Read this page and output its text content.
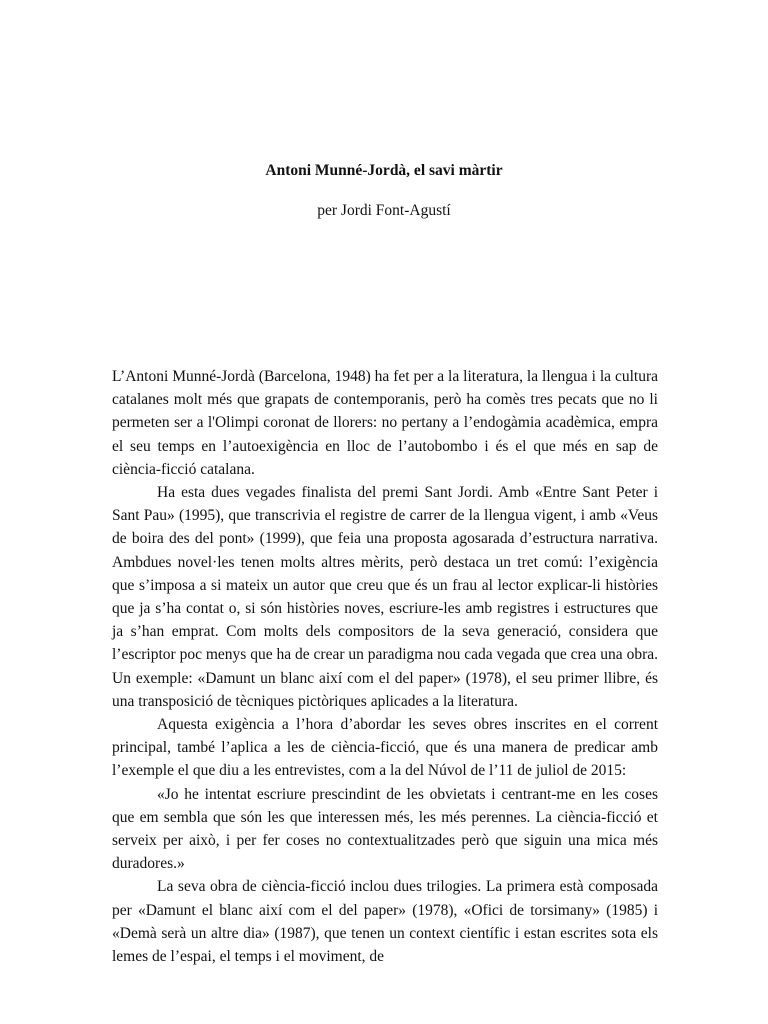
Antoni Munné-Jordà, el savi màrtir
per Jordi Font-Agustí

L’Antoni Munné-Jordà (Barcelona, 1948) ha fet per a la literatura, la llengua i la cultura catalanes molt més que grapats de contemporanis, però ha comès tres pecats que no li permeten ser a l'Olimpi coronat de llorers: no pertany a l’endogàmia acadèmica, empra el seu temps en l’autoexigència en lloc de l’autobombo i és el que més en sap de ciència-ficció catalana.

Ha esta dues vegades finalista del premi Sant Jordi. Amb «Entre Sant Peter i Sant Pau» (1995), que transcrivia el registre de carrer de la llengua vigent, i amb «Veus de boira des del pont» (1999), que feia una proposta agosarada d’estructura narrativa. Ambdues novel·les tenen molts altres mèrits, però destaca un tret comú: l’exigència que s’imposa a si mateix un autor que creu que és un frau al lector explicar-li històries que ja s’ha contat o, si són històries noves, escriure-les amb registres i estructures que ja s’han emprat. Com molts dels compositors de la seva generació, considera que l’escriptor poc menys que ha de crear un paradigma nou cada vegada que crea una obra. Un exemple: «Damunt un blanc així com el del paper» (1978), el seu primer llibre, és una transposició de tècniques pictòriques aplicades a la literatura.

Aquesta exigència a l’hora d’abordar les seves obres inscrites en el corrent principal, també l’aplica a les de ciència-ficció, que és una manera de predicar amb l’exemple el que diu a les entrevistes, com a la del Núvol de l’11 de juliol de 2015:

«Jo he intentat escriure prescindint de les obvietats i centrant-me en les coses que em sembla que són les que interessen més, les més perennes. La ciència-ficció et serveix per això, i per fer coses no contextualitzades però que siguin una mica més duradores.»

La seva obra de ciència-ficció inclou dues trilogies. La primera està composada per «Damunt el blanc així com el del paper» (1978), «Ofici de torsimany» (1985) i «Demà serà un altre dia» (1987), que tenen un context científic i estan escrites sota els lemes de l’espai, el temps i el moviment, de
